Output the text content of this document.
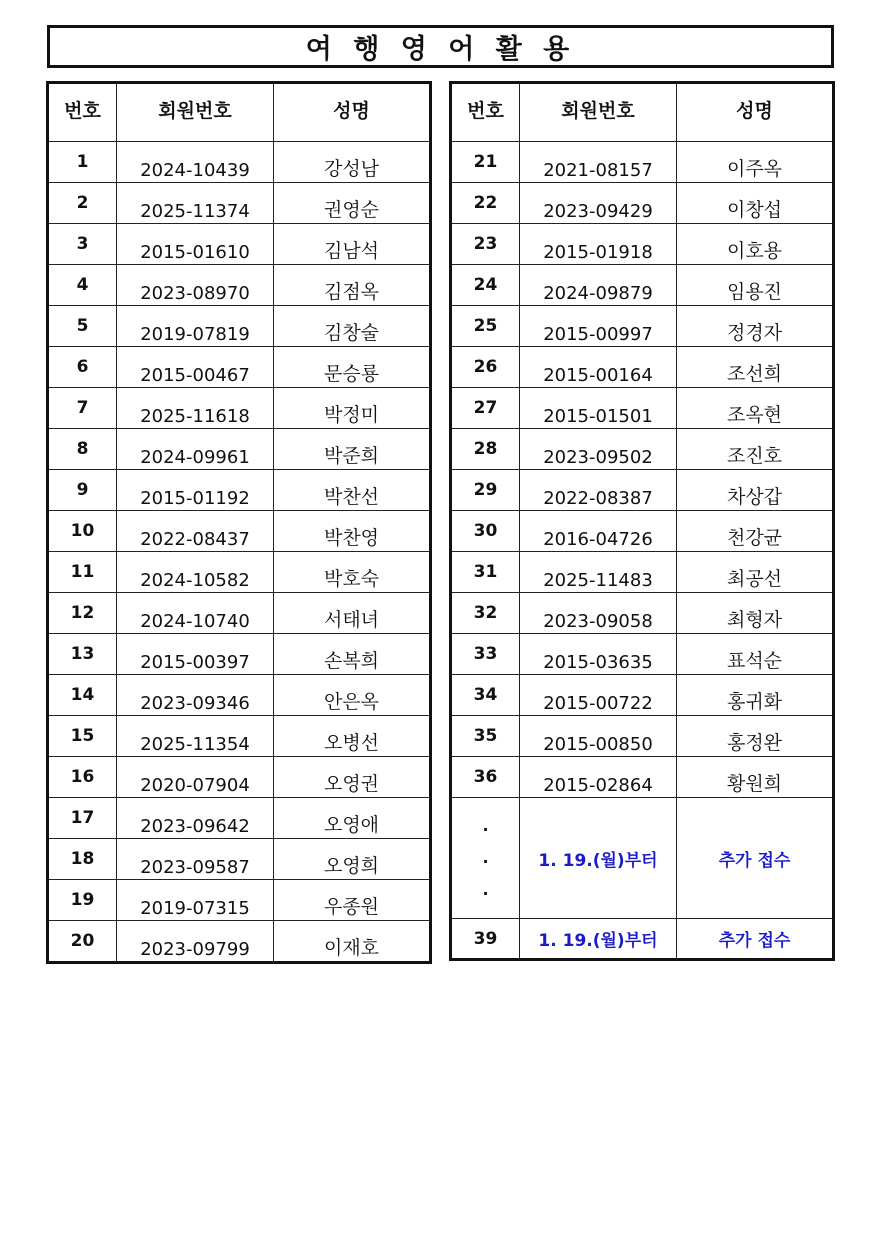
여 행 영 어 활 용
번호	회원번호	성명
1	2024-10439	강성남
2	2025-11374	권영순
3	2015-01610	김남석
4	2023-08970	김점옥
5	2019-07819	김창술
6	2015-00467	문승룡
7	2025-11618	박정미
8	2024-09961	박준희
9	2015-01192	박찬선
10	2022-08437	박찬영
11	2024-10582	박호숙
12	2024-10740	서태녀
13	2015-00397	손복희
14	2023-09346	안은옥
15	2025-11354	오병선
16	2020-07904	오영권
17	2023-09642	오영애
18	2023-09587	오영희
19	2019-07315	우종원
20	2023-09799	이재호
번호	회원번호	성명
21	2021-08157	이주옥
22	2023-09429	이창섭
23	2015-01918	이호용
24	2024-09879	임용진
25	2015-00997	정경자
26	2015-00164	조선희
27	2015-01501	조옥현
28	2023-09502	조진호
29	2022-08387	차상갑
30	2016-04726	천강균
31	2025-11483	최공선
32	2023-09058	최형자
33	2015-03635	표석순
34	2015-00722	홍귀화
35	2015-00850	홍정완
36	2015-02864	황원희

.
.
.	1. 19.(월)부터	추가 접수
39	1. 19.(월)부터	추가 접수
